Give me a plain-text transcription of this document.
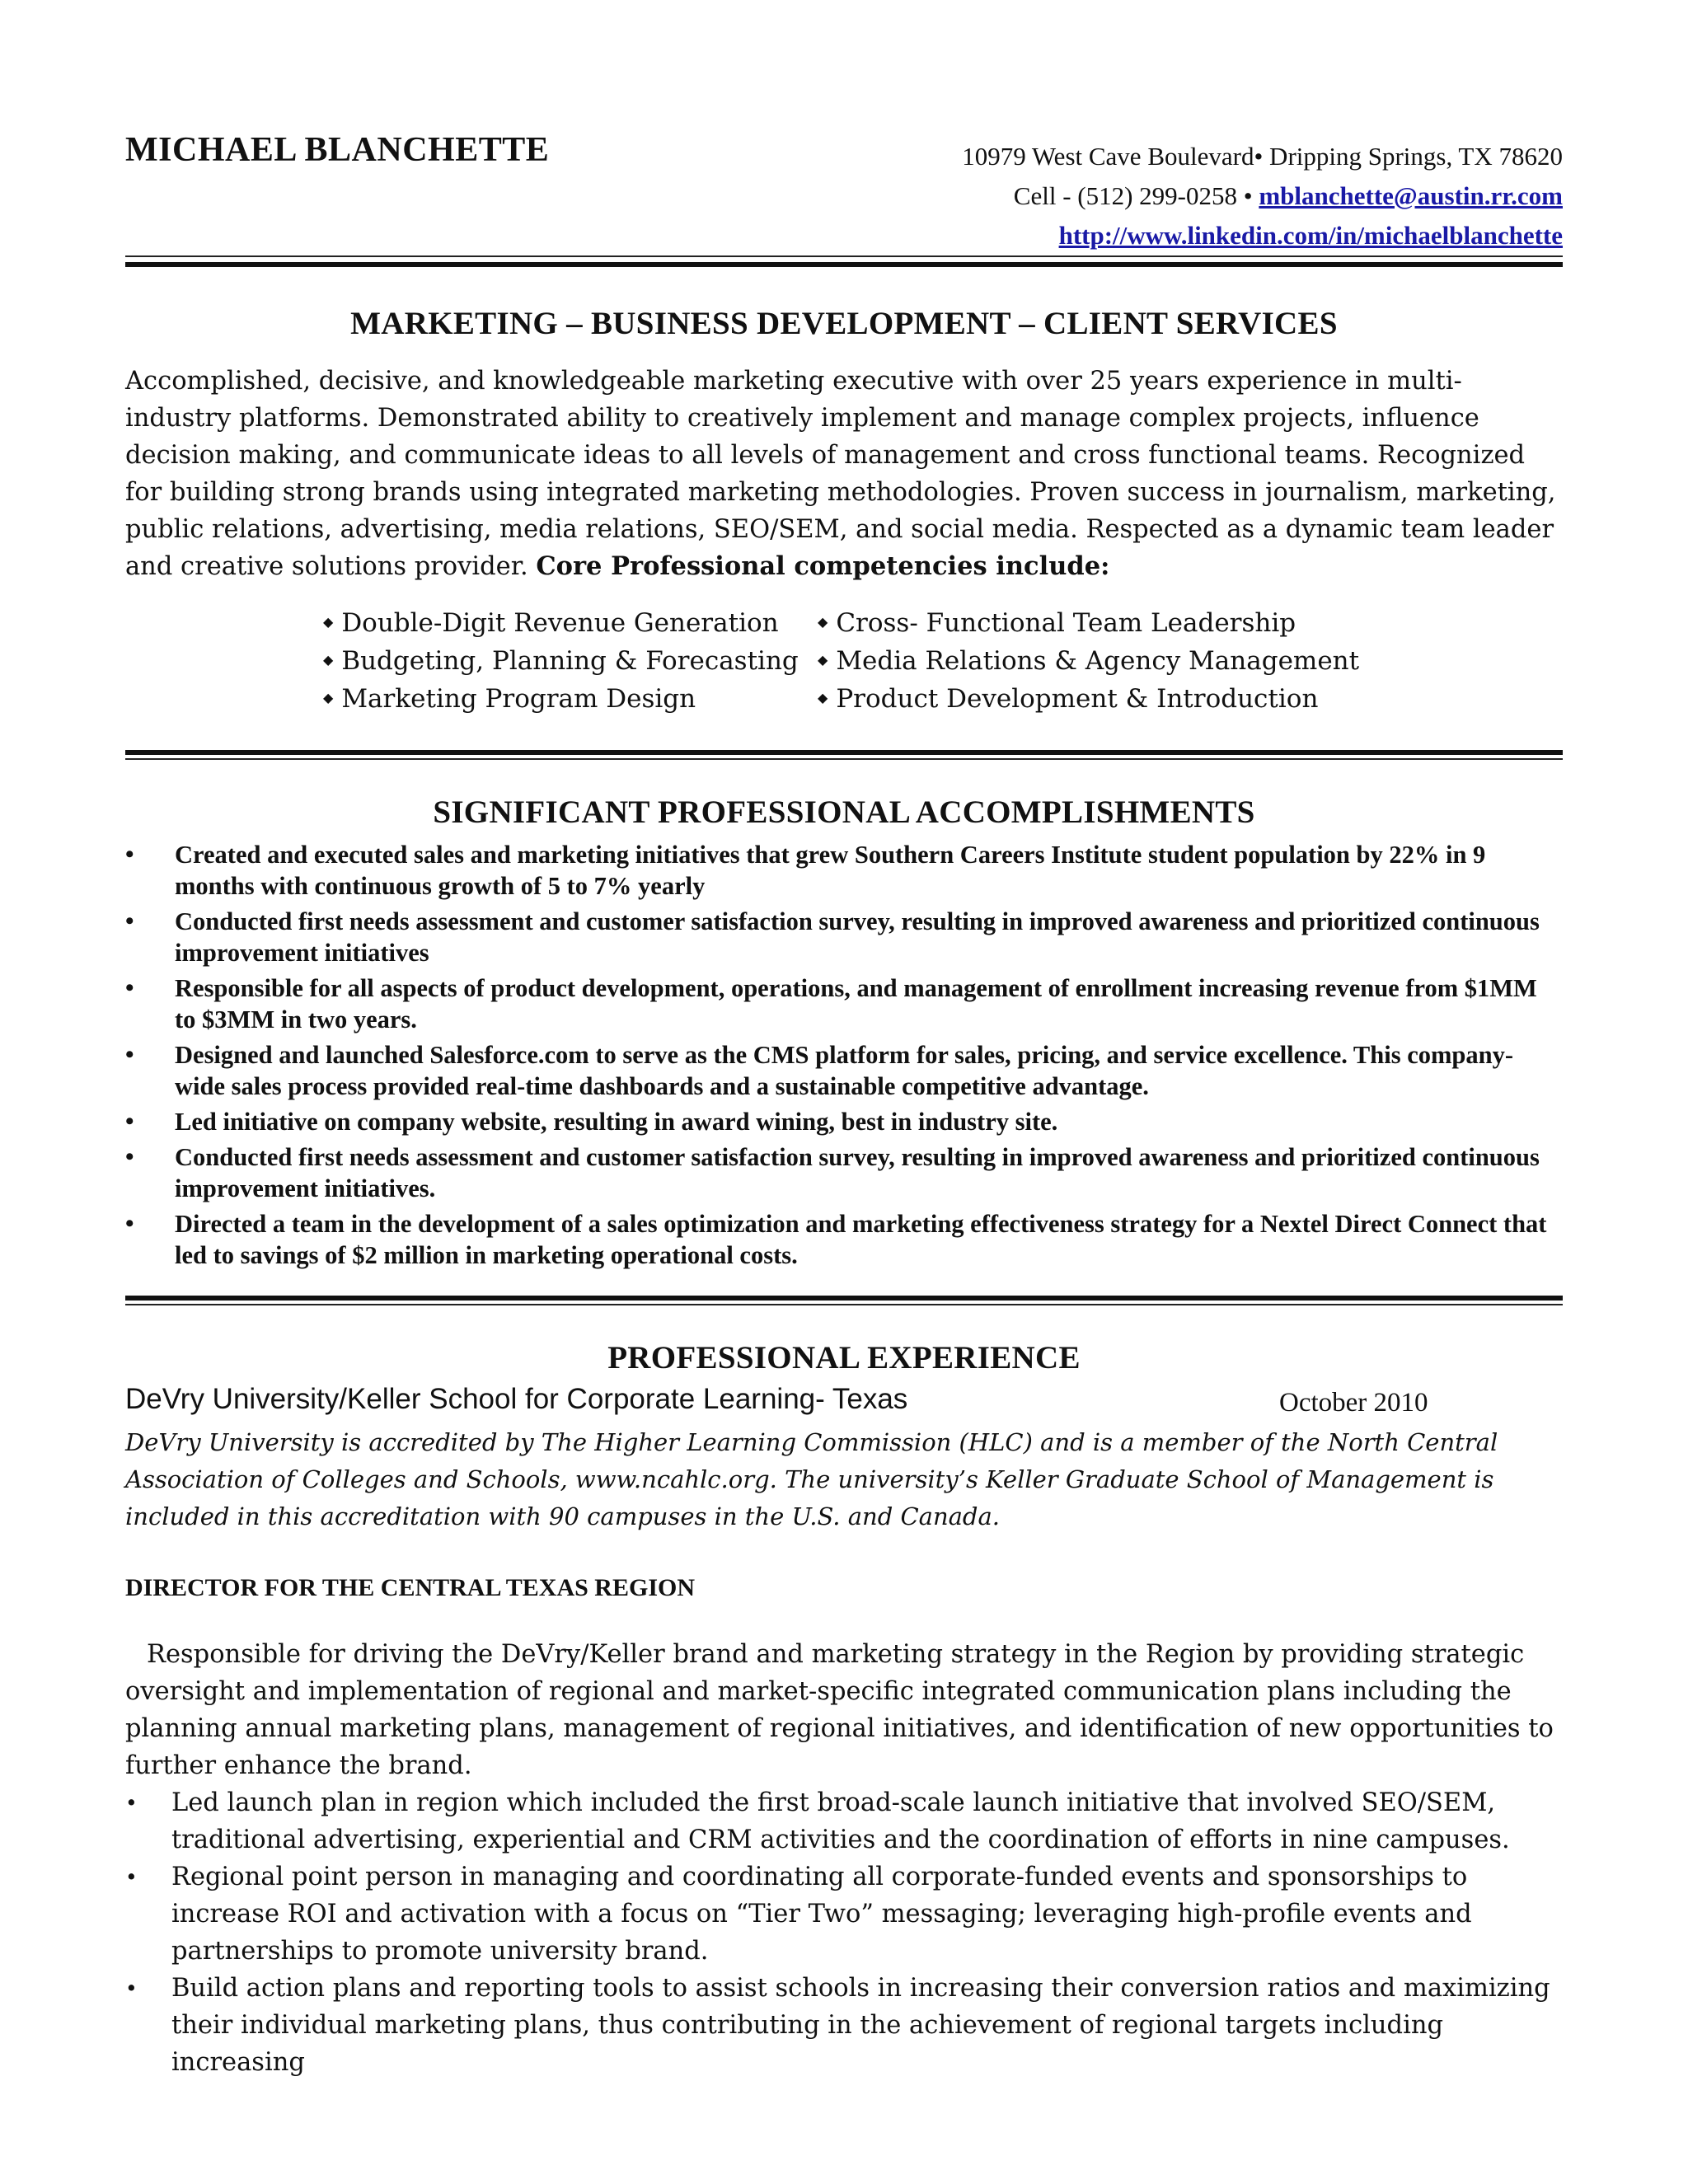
MICHAEL BLANCHETTE	10979 West Cave Boulevard• Dripping Springs, TX 78620
Cell - (512) 299-0258 • mblanchette@austin.rr.com
http://www.linkedin.com/in/michaelblanchette
MARKETING – BUSINESS DEVELOPMENT – CLIENT SERVICES
Accomplished, decisive, and knowledgeable marketing executive with over 25 years experience in multi-industry platforms. Demonstrated ability to creatively implement and manage complex projects, influence decision making, and communicate ideas to all levels of management and cross functional teams. Recognized for building strong brands using integrated marketing methodologies. Proven success in journalism, marketing, public relations, advertising, media relations, SEO/SEM, and social media. Respected as a dynamic team leader and creative solutions provider. Core Professional competencies include:
◆ Double-Digit Revenue Generation
◆ Budgeting, Planning & Forecasting
◆ Marketing Program Design
◆ Cross- Functional Team Leadership
◆ Media Relations & Agency Management
◆ Product Development & Introduction
SIGNIFICANT PROFESSIONAL ACCOMPLISHMENTS
•	Created and executed sales and marketing initiatives that grew Southern Careers Institute student population by 22% in 9 months with continuous growth of 5 to 7% yearly
•	Conducted first needs assessment and customer satisfaction survey, resulting in improved awareness and prioritized continuous improvement initiatives
•	Responsible for all aspects of product development, operations, and management of enrollment increasing revenue from $1MM to $3MM in two years.
•	Designed and launched Salesforce.com to serve as the CMS platform for sales, pricing, and service excellence. This company-wide sales process provided real-time dashboards and a sustainable competitive advantage.
•	Led initiative on company website, resulting in award wining, best in industry site.
•	Conducted first needs assessment and customer satisfaction survey, resulting in improved awareness and prioritized continuous improvement initiatives.
•	Directed a team in the development of a sales optimization and marketing effectiveness strategy for a Nextel Direct Connect that led to savings of $2 million in marketing operational costs.
PROFESSIONAL EXPERIENCE
DeVry University/Keller School for Corporate Learning- Texas	October 2010
DeVry University is accredited by The Higher Learning Commission (HLC) and is a member of the North Central Association of Colleges and Schools, www.ncahlc.org. The university’s Keller Graduate School of Management is included in this accreditation with 90 campuses in the U.S. and Canada.
DIRECTOR FOR THE CENTRAL TEXAS REGION
Responsible for driving the DeVry/Keller brand and marketing strategy in the Region by providing strategic oversight and implementation of regional and market-specific integrated communication plans including the planning annual marketing plans, management of regional initiatives, and identification of new opportunities to further enhance the brand.
• Led launch plan in region which included the first broad-scale launch initiative that involved SEO/SEM, traditional advertising, experiential and CRM activities and the coordination of efforts in nine campuses.
• Regional point person in managing and coordinating all corporate-funded events and sponsorships to increase ROI and activation with a focus on “Tier Two” messaging; leveraging high-profile events and partnerships to promote university brand.
• Build action plans and reporting tools to assist schools in increasing their conversion ratios and maximizing their individual marketing plans, thus contributing in the achievement of regional targets including increasing
